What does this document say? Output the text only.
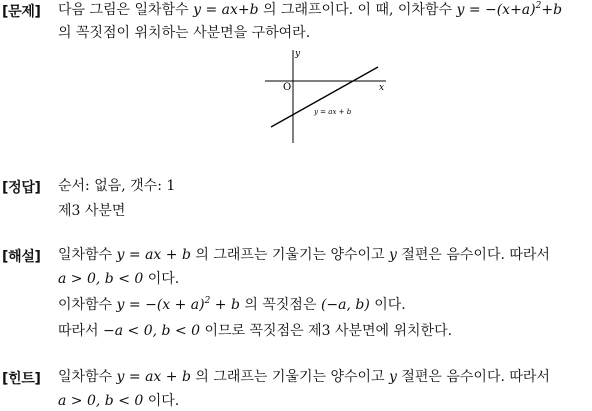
[문제] 다음 그림은 일차함수 y = ax+b 의 그래프이다. 이 때, 이차함수 $y = -(x+a)^2+b$
의 꼭짓점이 위치하는 사분면을 구하여라.
y
x
O
y = ax + b
[정답] 순서: 없음, 갯수: 1
제3 사분면
[해설] 일차함수 y = ax + b 의 그래프는 기울기는 양수이고 y 절편은 음수이다. 따라서
a > 0, b < 0 이다.
이차함수 $y = -(x + a)^2 + b$ 의 꼭짓점은 (−a, b) 이다.
따라서 −a < 0, b < 0 이므로 꼭짓점은 제3 사분면에 위치한다.
[힌트] 일차함수 y = ax + b 의 그래프는 기울기는 양수이고 y 절편은 음수이다. 따라서
a > 0, b < 0 이다.
